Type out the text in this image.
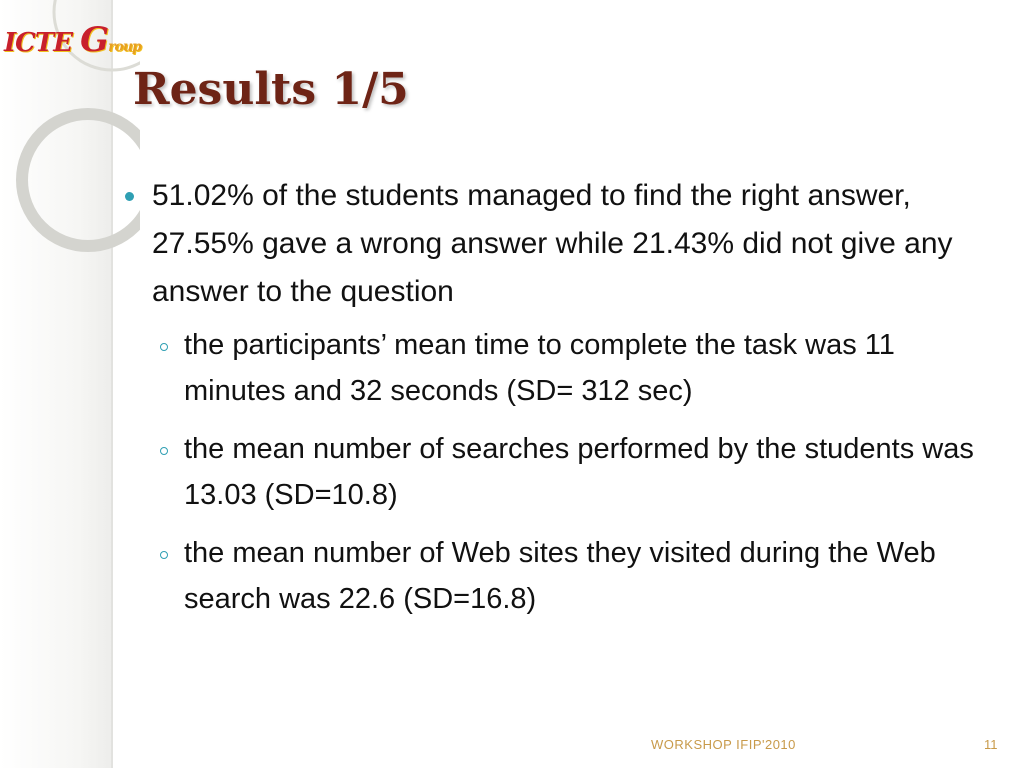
ICTE Group
Results 1/5
51.02% of the students managed to find the right answer, 27.55% gave a wrong answer while 21.43% did not give any answer to the question
the participants’ mean time to complete the task was 11 minutes and 32 seconds (SD= 312 sec)
the mean number of searches performed by the students was 13.03 (SD=10.8)
the mean number of Web sites they visited during the Web search was 22.6 (SD=16.8)
WORKSHOP IFIP'2010	11
